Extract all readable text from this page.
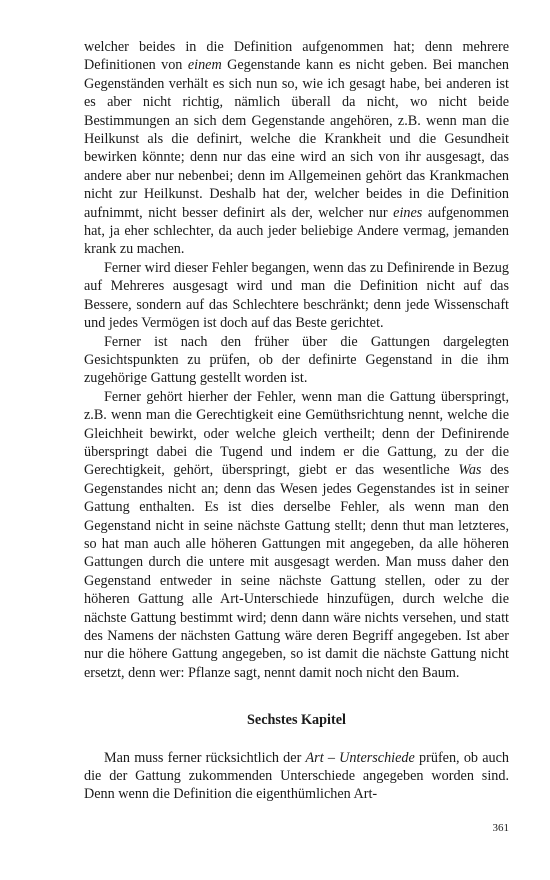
welcher beides in die Definition aufgenommen hat; denn mehrere Definitionen von einem Gegenstande kann es nicht geben. Bei manchen Gegenständen verhält es sich nun so, wie ich gesagt habe, bei anderen ist es aber nicht richtig, nämlich überall da nicht, wo nicht beide Bestimmungen an sich dem Gegenstande angehören, z.B. wenn man die Heilkunst als die definirt, welche die Krankheit und die Gesundheit bewirken könnte; denn nur das eine wird an sich von ihr ausgesagt, das andere aber nur nebenbei; denn im Allgemeinen gehört das Krankmachen nicht zur Heilkunst. Deshalb hat der, welcher beides in die Definition aufnimmt, nicht besser definirt als der, welcher nur eines aufgenommen hat, ja eher schlechter, da auch jeder beliebige Andere vermag, jemanden krank zu machen.

Ferner wird dieser Fehler begangen, wenn das zu Definirende in Bezug auf Mehreres ausgesagt wird und man die Definition nicht auf das Bessere, sondern auf das Schlechtere beschränkt; denn jede Wissenschaft und jedes Vermögen ist doch auf das Beste gerichtet.

Ferner ist nach den früher über die Gattungen dargelegten Gesichtspunkten zu prüfen, ob der definirte Gegenstand in die ihm zugehörige Gattung gestellt worden ist.

Ferner gehört hierher der Fehler, wenn man die Gattung überspringt, z.B. wenn man die Gerechtigkeit eine Gemüthsrichtung nennt, welche die Gleichheit bewirkt, oder welche gleich vertheilt; denn der Definirende überspringt dabei die Tugend und indem er die Gattung, zu der die Gerechtigkeit, gehört, überspringt, giebt er das wesentliche Was des Gegenstandes nicht an; denn das Wesen jedes Gegenstandes ist in seiner Gattung enthalten. Es ist dies derselbe Fehler, als wenn man den Gegenstand nicht in seine nächste Gattung stellt; denn thut man letzteres, so hat man auch alle höheren Gattungen mit angegeben, da alle höheren Gattungen durch die untere mit ausgesagt werden. Man muss daher den Gegenstand entweder in seine nächste Gattung stellen, oder zu der höheren Gattung alle Art-Unterschiede hinzufügen, durch welche die nächste Gattung bestimmt wird; denn dann wäre nichts versehen, und statt des Namens der nächsten Gattung wäre deren Begriff angegeben. Ist aber nur die höhere Gattung angegeben, so ist damit die nächste Gattung nicht ersetzt, denn wer: Pflanze sagt, nennt damit noch nicht den Baum.

Sechstes Kapitel

Man muss ferner rücksichtlich der Art – Unterschiede prüfen, ob auch die der Gattung zukommenden Unterschiede angegeben worden sind. Denn wenn die Definition die eigenthümlichen Art-

361
